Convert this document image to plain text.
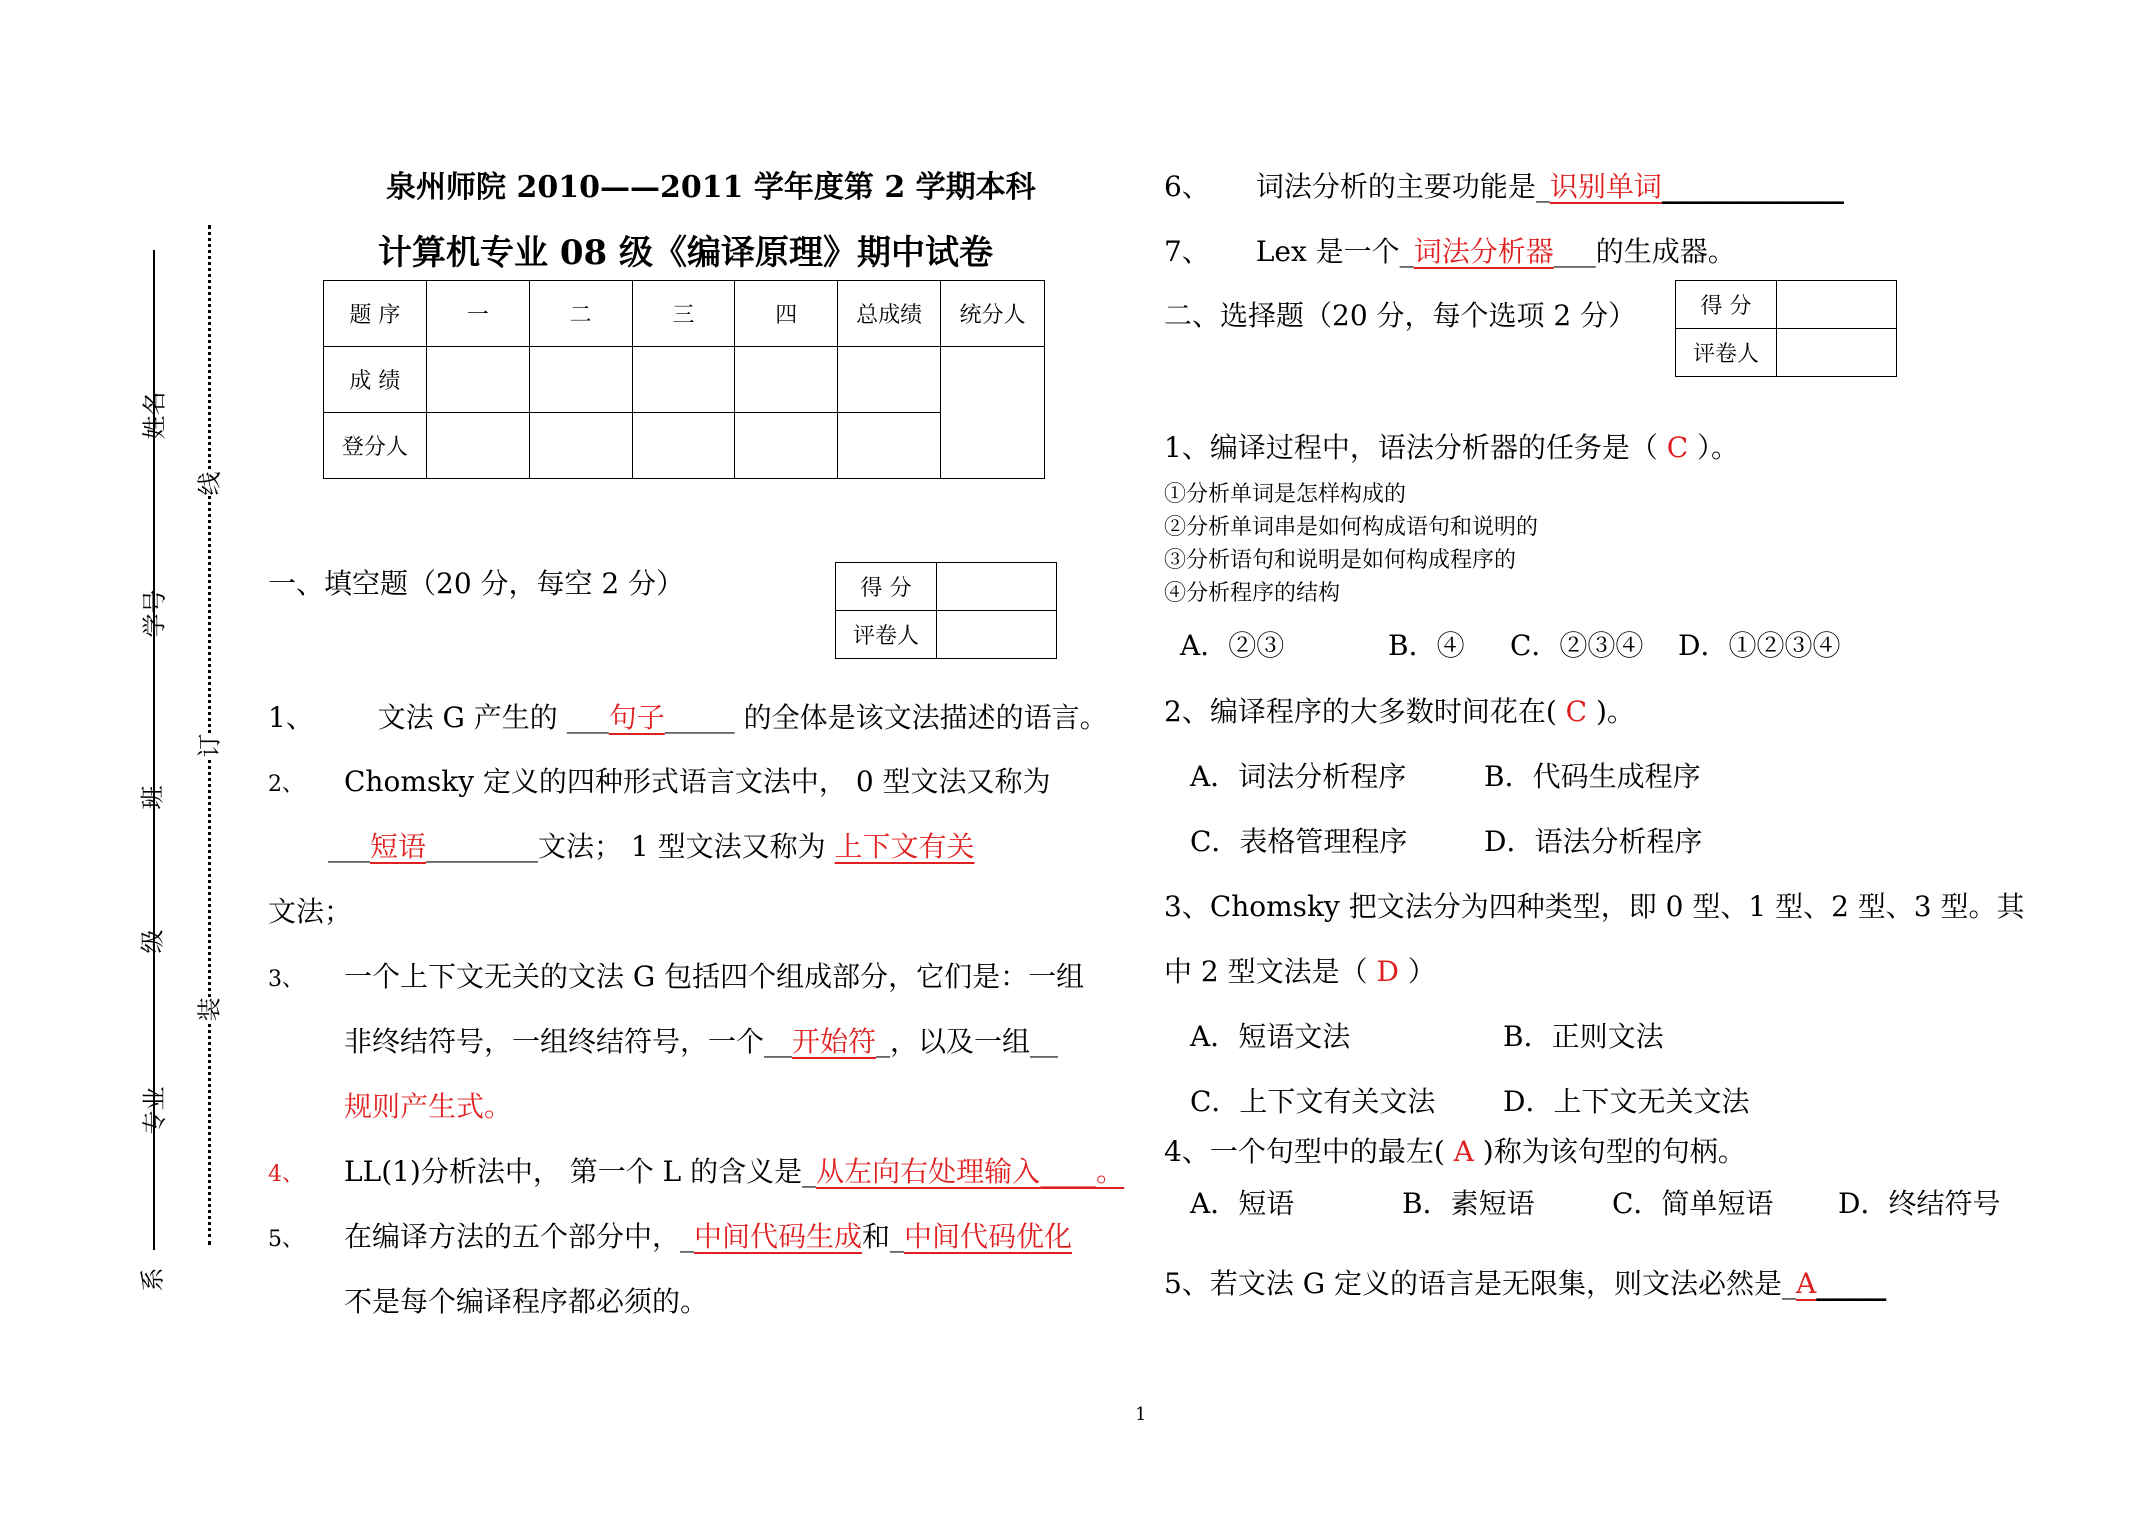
系
专业
级
班
学号
姓名
装
订
线
泉州师院 2010——2011 学年度第 2 学期本科
计算机专业 08 级《编译原理》期中试卷
题 序	一	二	三	四	总成绩	统分人
成 绩						
登分人						
一、填空题（20 分，每空 2 分）	得 分	
评卷人	
1、 文法 G 产生的 ___句子_____ 的全体是该文法描述的语言。
2、 Chomsky 定义的四种形式语言文法中， 0 型文法又称为
___短语________文法； 1 型文法又称为 上下文有关
文法；
3、 一个上下文无关的文法 G 包括四个组成部分，它们是：一组
非终结符号，一组终结符号，一个__开始符_，以及一组__
规则产生式。
4、 LL(1)分析法中， 第一个 L 的含义是_从左向右处理输入____。
5、 在编译方法的五个部分中，_中间代码生成和_中间代码优化
不是每个编译程序都必须的。
6、 词法分析的主要功能是_识别单词_____________
7、 Lex 是一个_词法分析器___的生成器。
二、选择题（20 分，每个选项 2 分）	得 分	
评卷人	
1、编译过程中，语法分析器的任务是（ C ）。
①分析单词是怎样构成的
②分析单词串是如何构成语句和说明的
③分析语句和说明是如何构成程序的
④分析程序的结构
A．②③	B．④ C．②③④ D．①②③④
2、编译程序的大多数时间花在( C )。
A．词法分析程序	B．代码生成程序
C．表格管理程序	D．语法分析程序
3、Chomsky 把文法分为四种类型，即 0 型、1 型、2 型、3 型。其
中 2 型文法是（ D ）
A．短语文法	B．正则文法
C．上下文有关文法 D．上下文无关文法
4、一个句型中的最左( A )称为该句型的句柄。
A．短语	B．素短语	C．简单短语 D．终结符号
5、若文法 G 定义的语言是无限集，则文法必然是_A_____
1
